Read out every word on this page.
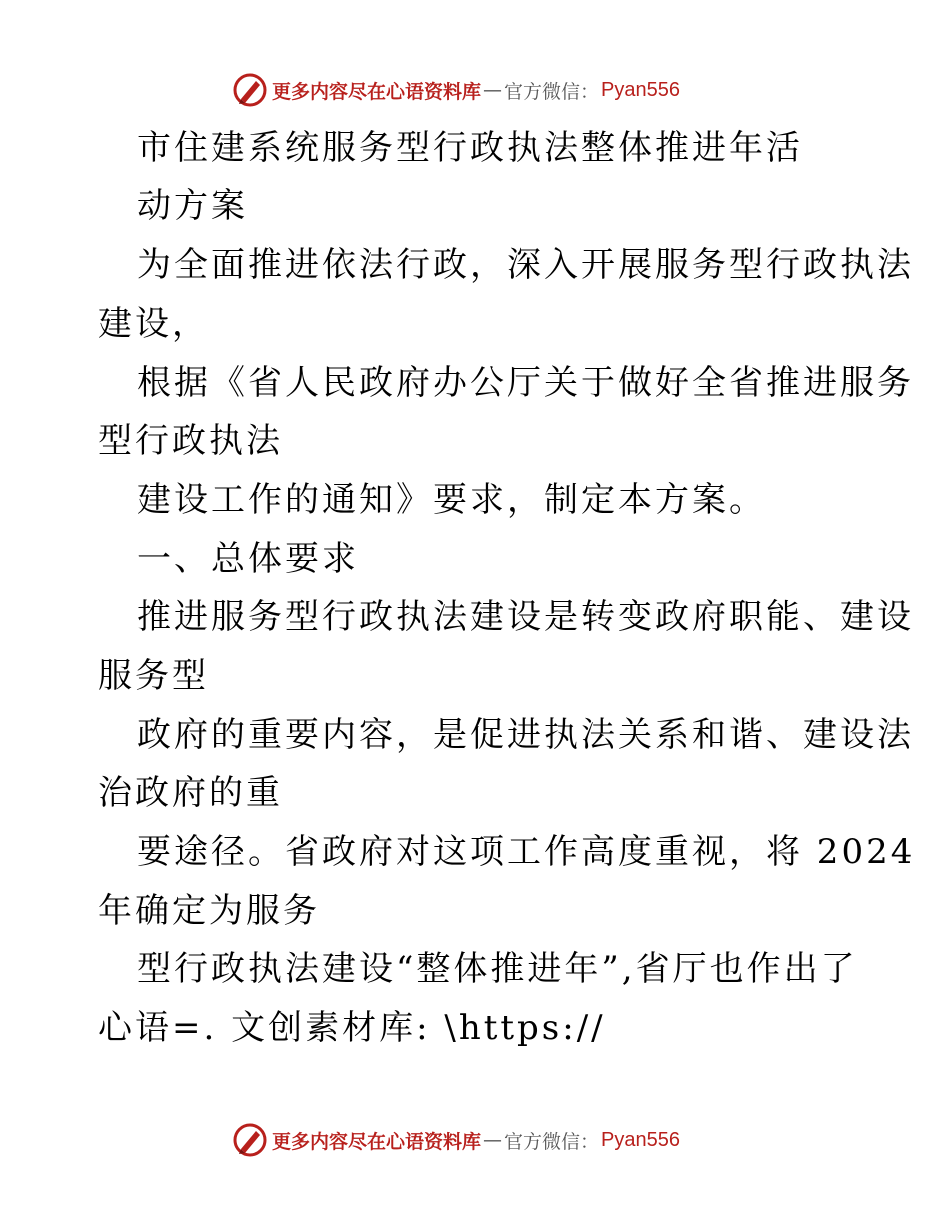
更多内容尽在心语资料库 — 官方微信： Pyan556
市住建系统服务型行政执法整体推进年活
动方案
为全面推进依法行政，深入开展服务型行政执法
建设，
根据《省人民政府办公厅关于做好全省推进服务
型行政执法
建设工作的通知》要求，制定本方案。
一、总体要求
推进服务型行政执法建设是转变政府职能、建设
服务型
政府的重要内容，是促进执法关系和谐、建设法
治政府的重
要途径。省政府对这项工作高度重视，将 2024
年确定为服务
型行政执法建设“整体推进年”,省厅也作出了
心语=. 文创素材库: \https://
更多内容尽在心语资料库 — 官方微信： Pyan556
